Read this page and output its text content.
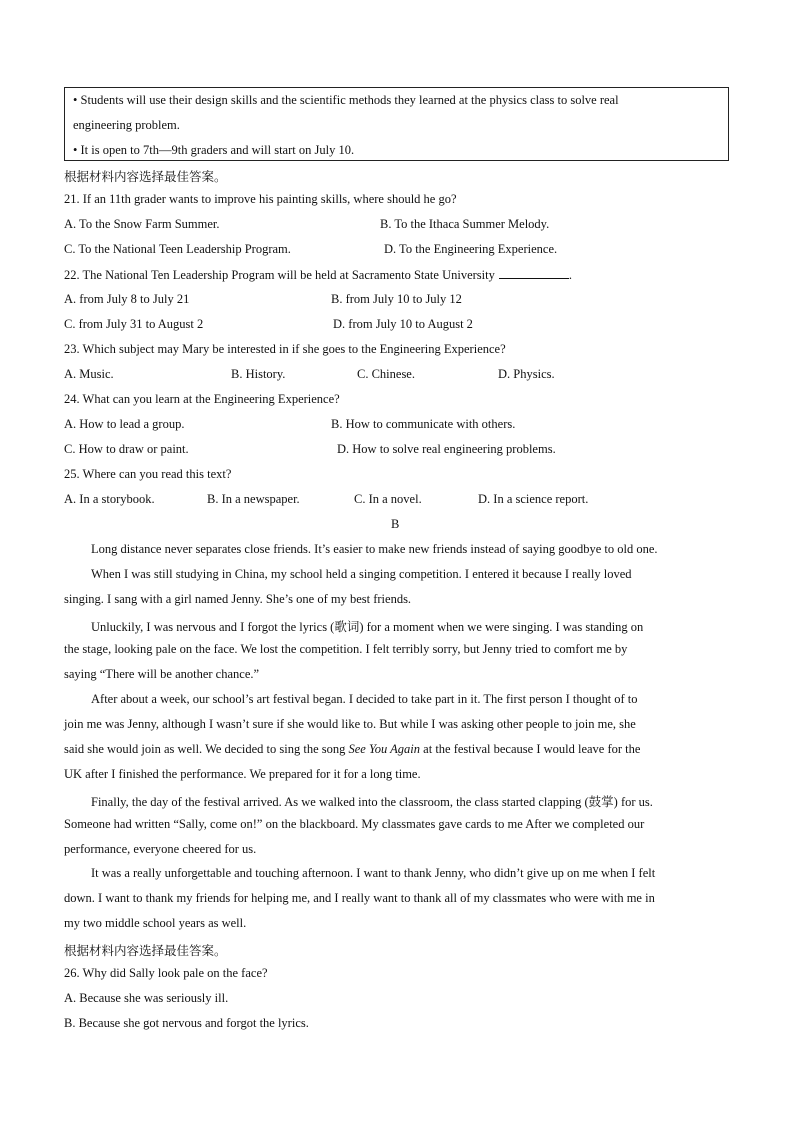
• Students will use their design skills and the scientific methods they learned at the physics class to solve real
engineering problem.
• It is open to 7th—9th graders and will start on July 10.
根据材料内容选择最佳答案。
21. If an 11th grader wants to improve his painting skills, where should he go?
A. To the Snow Farm Summer.	B. To the Ithaca Summer Melody.
C. To the National Teen Leadership Program.	D. To the Engineering Experience.
22. The National Ten Leadership Program will be held at Sacramento State University	.
A. from July 8 to July 21	B. from July 10 to July 12
C. from July 31 to August 2	D. from July 10 to August 2
23. Which subject may Mary be interested in if she goes to the Engineering Experience?
A. Music.	B. History.	C. Chinese.	D. Physics.
24. What can you learn at the Engineering Experience?
A. How to lead a group.	B. How to communicate with others.
C. How to draw or paint.	D. How to solve real engineering problems.
25. Where can you read this text?
A. In a storybook.	B. In a newspaper.	C. In a novel.	D. In a science report.
B
Long distance never separates close friends. It’s easier to make new friends instead of saying goodbye to old one.
When I was still studying in China, my school held a singing competition. I entered it because I really loved
singing. I sang with a girl named Jenny. She’s one of my best friends.
Unluckily, I was nervous and I forgot the lyrics (歌词) for a moment when we were singing. I was standing on
the stage, looking pale on the face. We lost the competition. I felt terribly sorry, but Jenny tried to comfort me by
saying “There will be another chance.”
After about a week, our school’s art festival began. I decided to take part in it. The first person I thought of to
join me was Jenny, although I wasn’t sure if she would like to. But while I was asking other people to join me, she
said she would join as well. We decided to sing the song See You Again at the festival because I would leave for the
UK after I finished the performance. We prepared for it for a long time.
Finally, the day of the festival arrived. As we walked into the classroom, the class started clapping (鼓掌) for us.
Someone had written “Sally, come on!” on the blackboard. My classmates gave cards to me After we completed our
performance, everyone cheered for us.
It was a really unforgettable and touching afternoon. I want to thank Jenny, who didn’t give up on me when I felt
down. I want to thank my friends for helping me, and I really want to thank all of my classmates who were with me in
my two middle school years as well.
根据材料内容选择最佳答案。
26. Why did Sally look pale on the face?
A. Because she was seriously ill.
B. Because she got nervous and forgot the lyrics.
